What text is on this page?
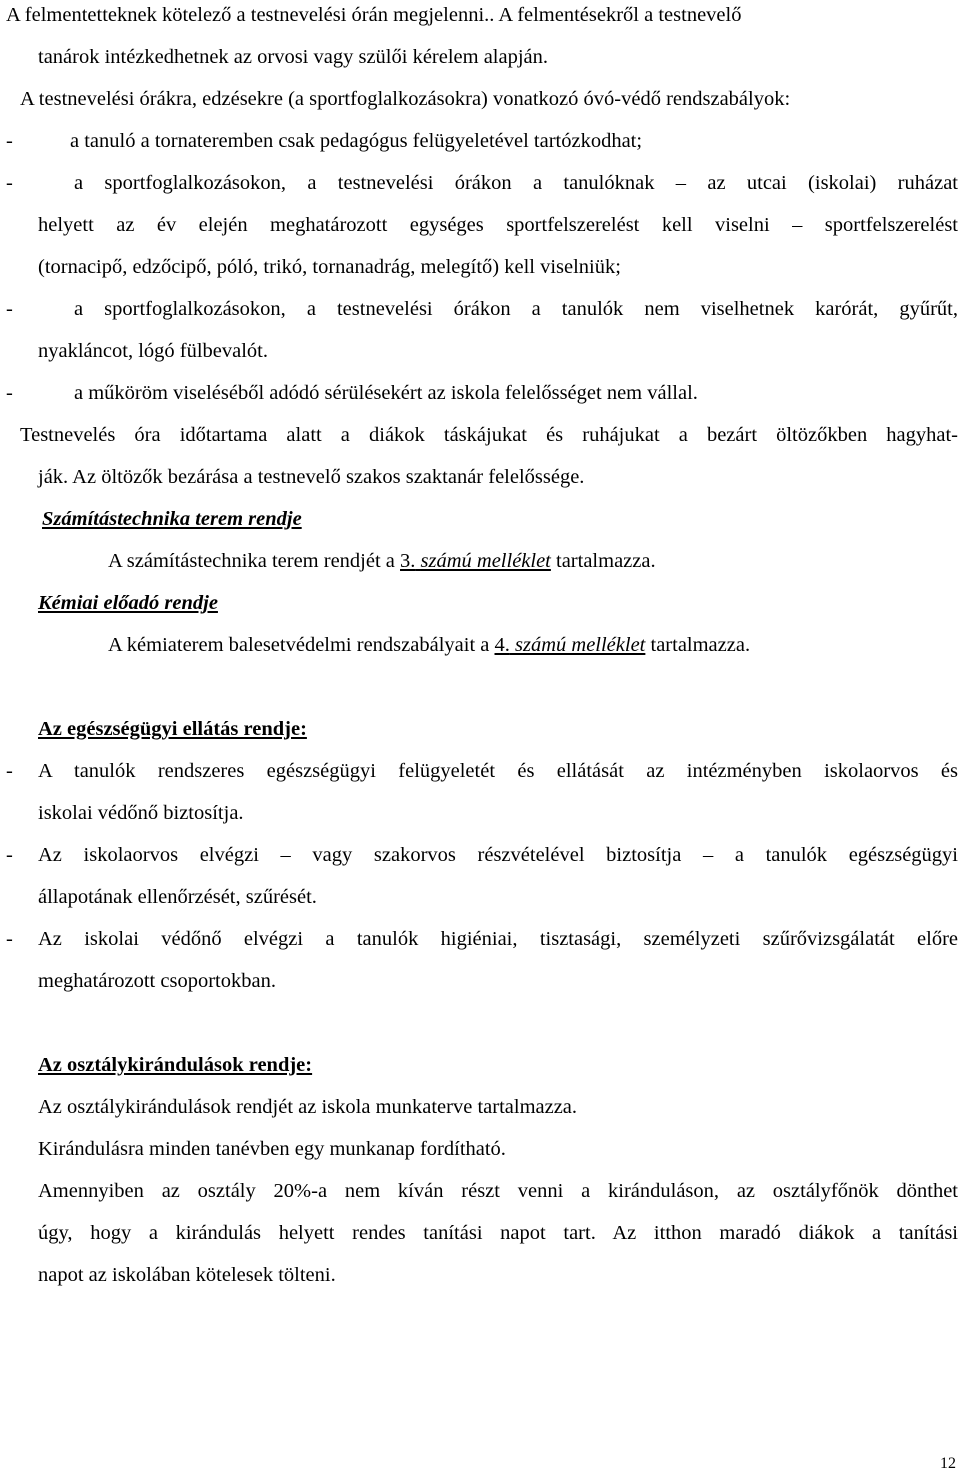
A felmentetteknek kötelező a testnevelési órán megjelenni.. A felmentésekről a testnevelő
tanárok intézkedhetnek az orvosi vagy szülői kérelem alapján.
A testnevelési órákra, edzésekre (a sportfoglalkozásokra) vonatkozó óvó-védő rendszabályok:
-	a tanuló a tornateremben csak pedagógus felügyeletével tartózkodhat;
-	a sportfoglalkozásokon, a testnevelési órákon a tanulóknak – az utcai (iskolai) ruházat
helyett az év elején meghatározott egységes sportfelszerelést kell viselni – sportfelszerelést
(tornacipő, edzőcipő, póló, trikó, tornanadrág, melegítő) kell viselniük;
-	a sportfoglalkozásokon, a testnevelési órákon a tanulók nem viselhetnek karórát, gyűrűt,
nyakláncot, lógó fülbevalót.
-	a műköröm viseléséből adódó sérülésekért az iskola felelősséget nem vállal.
Testnevelés óra időtartama alatt a diákok táskájukat és ruhájukat a bezárt öltözőkben hagyhat-
ják. Az öltözők bezárása a testnevelő szakos szaktanár felelőssége.
Számítástechnika terem rendje
A számítástechnika terem rendjét a 3. számú melléklet tartalmazza.
Kémiai előadó rendje
A kémiaterem balesetvédelmi rendszabályait a 4. számú melléklet tartalmazza.
Az egészségügyi ellátás rendje:
- A tanulók rendszeres egészségügyi felügyeletét és ellátását az intézményben iskolaorvos és
iskolai védőnő biztosítja.
- Az iskolaorvos elvégzi – vagy szakorvos részvételével biztosítja – a tanulók egészségügyi
állapotának ellenőrzését, szűrését.
- Az iskolai védőnő elvégzi a tanulók higiéniai, tisztasági, személyzeti szűrővizsgálatát előre
meghatározott csoportokban.
Az osztálykirándulások rendje:
Az osztálykirándulások rendjét az iskola munkaterve tartalmazza.
Kirándulásra minden tanévben egy munkanap fordítható.
Amennyiben az osztály 20%-a nem kíván részt venni a kiránduláson, az osztályfőnök dönthet
úgy, hogy a kirándulás helyett rendes tanítási napot tart. Az itthon maradó diákok a tanítási
napot az iskolában kötelesek tölteni.
12
